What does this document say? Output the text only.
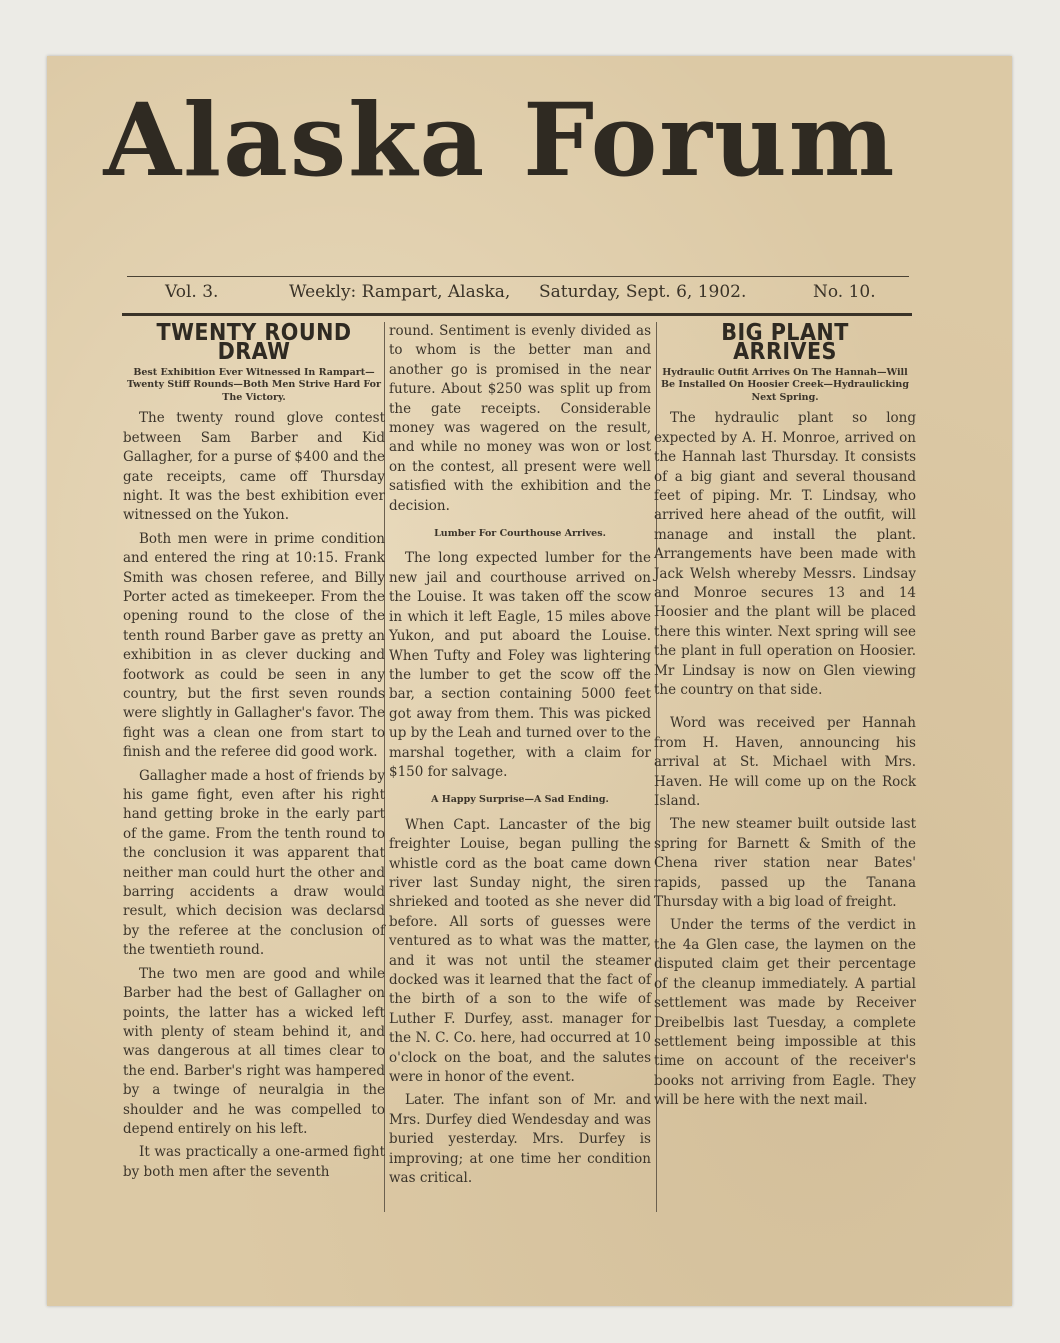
Alaska Forum
Vol. 3.	Weekly: Rampart, Alaska, Saturday, Sept. 6, 1902.	No. 10.
TWENTY ROUND DRAW
Best Exhibition Ever Witnessed In Rampart—Twenty Stiff Rounds—Both Men Strive Hard For The Victory.

The twenty round glove contest between Sam Barber and Kid Gallagher, for a purse of $400 and the gate receipts, came off Thursday night. It was the best exhibition ever witnessed on the Yukon.

Both men were in prime condition and entered the ring at 10:15. Frank Smith was chosen referee, and Billy Porter acted as timekeeper. From the opening round to the close of the tenth round Barber gave as pretty an exhibition in as clever ducking and footwork as could be seen in any country, but the first seven rounds were slightly in Gallagher's favor. The fight was a clean one from start to finish and the referee did good work.

Gallagher made a host of friends by his game fight, even after his right hand getting broke in the early part of the game. From the tenth round to the conclusion it was apparent that neither man could hurt the other and barring accidents a draw would result, which decision was declarsd by the referee at the conclusion of the twentieth round.

The two men are good and while Barber had the best of Gallagher on points, the latter has a wicked left with plenty of steam behind it, and was dangerous at all times clear to the end. Barber's right was hampered by a twinge of neuralgia in the shoulder and he was compelled to depend entirely on his left.

It was practically a one-armed fight by both men after the seventh

round. Sentiment is evenly divided as to whom is the better man and another go is promised in the near future. About $250 was split up from the gate receipts. Considerable money was wagered on the result, and while no money was won or lost on the contest, all present were well satisfied with the exhibition and the decision.

Lumber For Courthouse Arrives.

The long expected lumber for the new jail and courthouse arrived on the Louise. It was taken off the scow in which it left Eagle, 15 miles above Yukon, and put aboard the Louise. When Tufty and Foley was lightering the lumber to get the scow off the bar, a section containing 5000 feet got away from them. This was picked up by the Leah and turned over to the marshal together, with a claim for $150 for salvage.

A Happy Surprise—A Sad Ending.

When Capt. Lancaster of the big freighter Louise, began pulling the whistle cord as the boat came down river last Sunday night, the siren shrieked and tooted as she never did before. All sorts of guesses were ventured as to what was the matter, and it was not until the steamer docked was it learned that the fact of the birth of a son to the wife of Luther F. Durfey, asst. manager for the N. C. Co. here, had occurred at 10 o'clock on the boat, and the salutes were in honor of the event.

Later. The infant son of Mr. and Mrs. Durfey died Wendesday and was buried yesterday. Mrs. Durfey is improving; at one time her condition was critical.

BIG PLANT ARRIVES
Hydraulic Outfit Arrives On The Hannah—Will Be Installed On Hoosier Creek—Hydraulicking Next Spring.

The hydraulic plant so long expected by A. H. Monroe, arrived on the Hannah last Thursday. It consists of a big giant and several thousand feet of piping. Mr. T. Lindsay, who arrived here ahead of the outfit, will manage and install the plant. Arrangements have been made with Jack Welsh whereby Messrs. Lindsay and Monroe secures 13 and 14 Hoosier and the plant will be placed there this winter. Next spring will see the plant in full operation on Hoosier. Mr Lindsay is now on Glen viewing the country on that side.

Word was received per Hannah from H. Haven, announcing his arrival at St. Michael with Mrs. Haven. He will come up on the Rock Island.

The new steamer built outside last spring for Barnett & Smith of the Chena river station near Bates' rapids, passed up the Tanana Thursday with a big load of freight.

Under the terms of the verdict in the 4a Glen case, the laymen on the disputed claim get their percentage of the cleanup immediately. A partial settlement was made by Receiver Dreibelbis last Tuesday, a complete settlement being impossible at this time on account of the receiver's books not arriving from Eagle. They will be here with the next mail.
